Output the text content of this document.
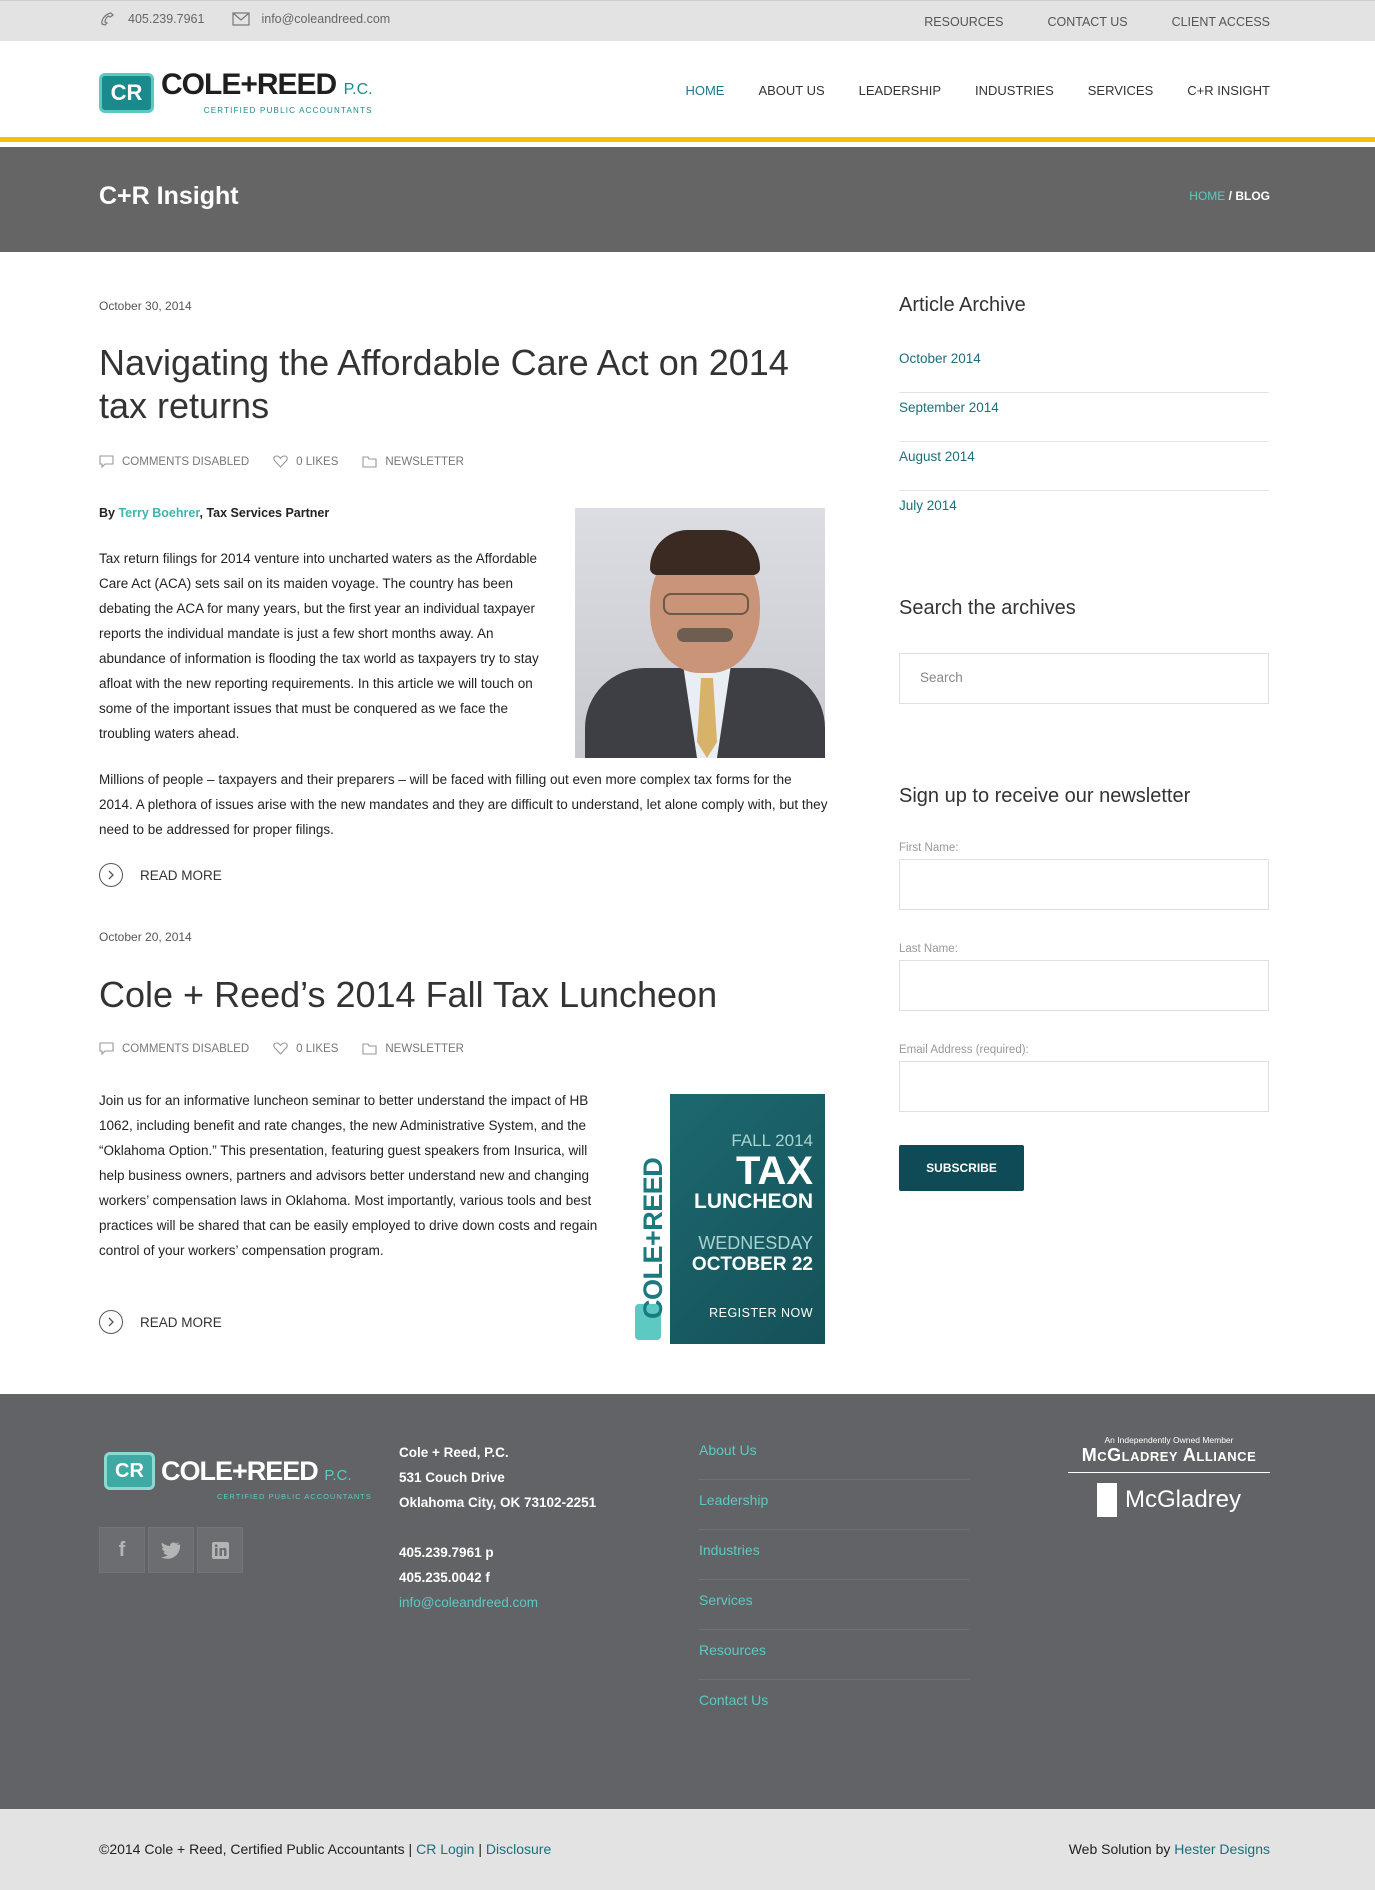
405.239.7961	info@coleandreed.com	RESOURCES	CONTACT US	CLIENT ACCESS
CR COLE+REED P.C.
CERTIFIED PUBLIC ACCOUNTANTS
HOME	ABOUT US	LEADERSHIP	INDUSTRIES	SERVICES	C+R INSIGHT
C+R Insight	HOME / BLOG
October 30, 2014
Navigating the Affordable Care Act on 2014 tax returns
COMMENTS DISABLED	0 LIKES	NEWSLETTER
By Terry Boehrer, Tax Services Partner
Tax return filings for 2014 venture into uncharted waters as the Affordable Care Act (ACA) sets sail on its maiden voyage. The country has been debating the ACA for many years, but the first year an individual taxpayer reports the individual mandate is just a few short months away. An abundance of information is flooding the tax world as taxpayers try to stay afloat with the new reporting requirements. In this article we will touch on some of the important issues that must be conquered as we face the troubling waters ahead.
Millions of people – taxpayers and their preparers – will be faced with filling out even more complex tax forms for the 2014. A plethora of issues arise with the new mandates and they are difficult to understand, let alone comply with, but they need to be addressed for proper filings.
READ MORE
October 20, 2014
Cole + Reed’s 2014 Fall Tax Luncheon
COMMENTS DISABLED	0 LIKES	NEWSLETTER
Join us for an informative luncheon seminar to better understand the impact of HB 1062, including benefit and rate changes, the new Administrative System, and the “Oklahoma Option.” This presentation, featuring guest speakers from Insurica, will help business owners, partners and advisors better understand new and changing workers’ compensation laws in Oklahoma. Most importantly, various tools and best practices will be shared that can be easily employed to drive down costs and regain control of your workers’ compensation program.	COLE+REED
FALL 2014
TAX
LUNCHEON
WEDNESDAY
OCTOBER 22
REGISTER NOW
READ MORE
Article Archive
October 2014
September 2014
August 2014
July 2014
Search the archives
Search
Sign up to receive our newsletter
First Name:
Last Name:
Email Address (required):
SUBSCRIBE
CR COLE+REED P.C.
CERTIFIED PUBLIC ACCOUNTANTS
f
Cole + Reed, P.C.
531 Couch Drive
Oklahoma City, OK 73102-2251
405.239.7961 p
405.235.0042 f
info@coleandreed.com
About Us
Leadership
Industries
Services
Resources
Contact Us
An Independently Owned Member
McGladrey Alliance
McGladrey
©2014 Cole + Reed, Certified Public Accountants | CR Login | Disclosure	Web Solution by Hester Designs
